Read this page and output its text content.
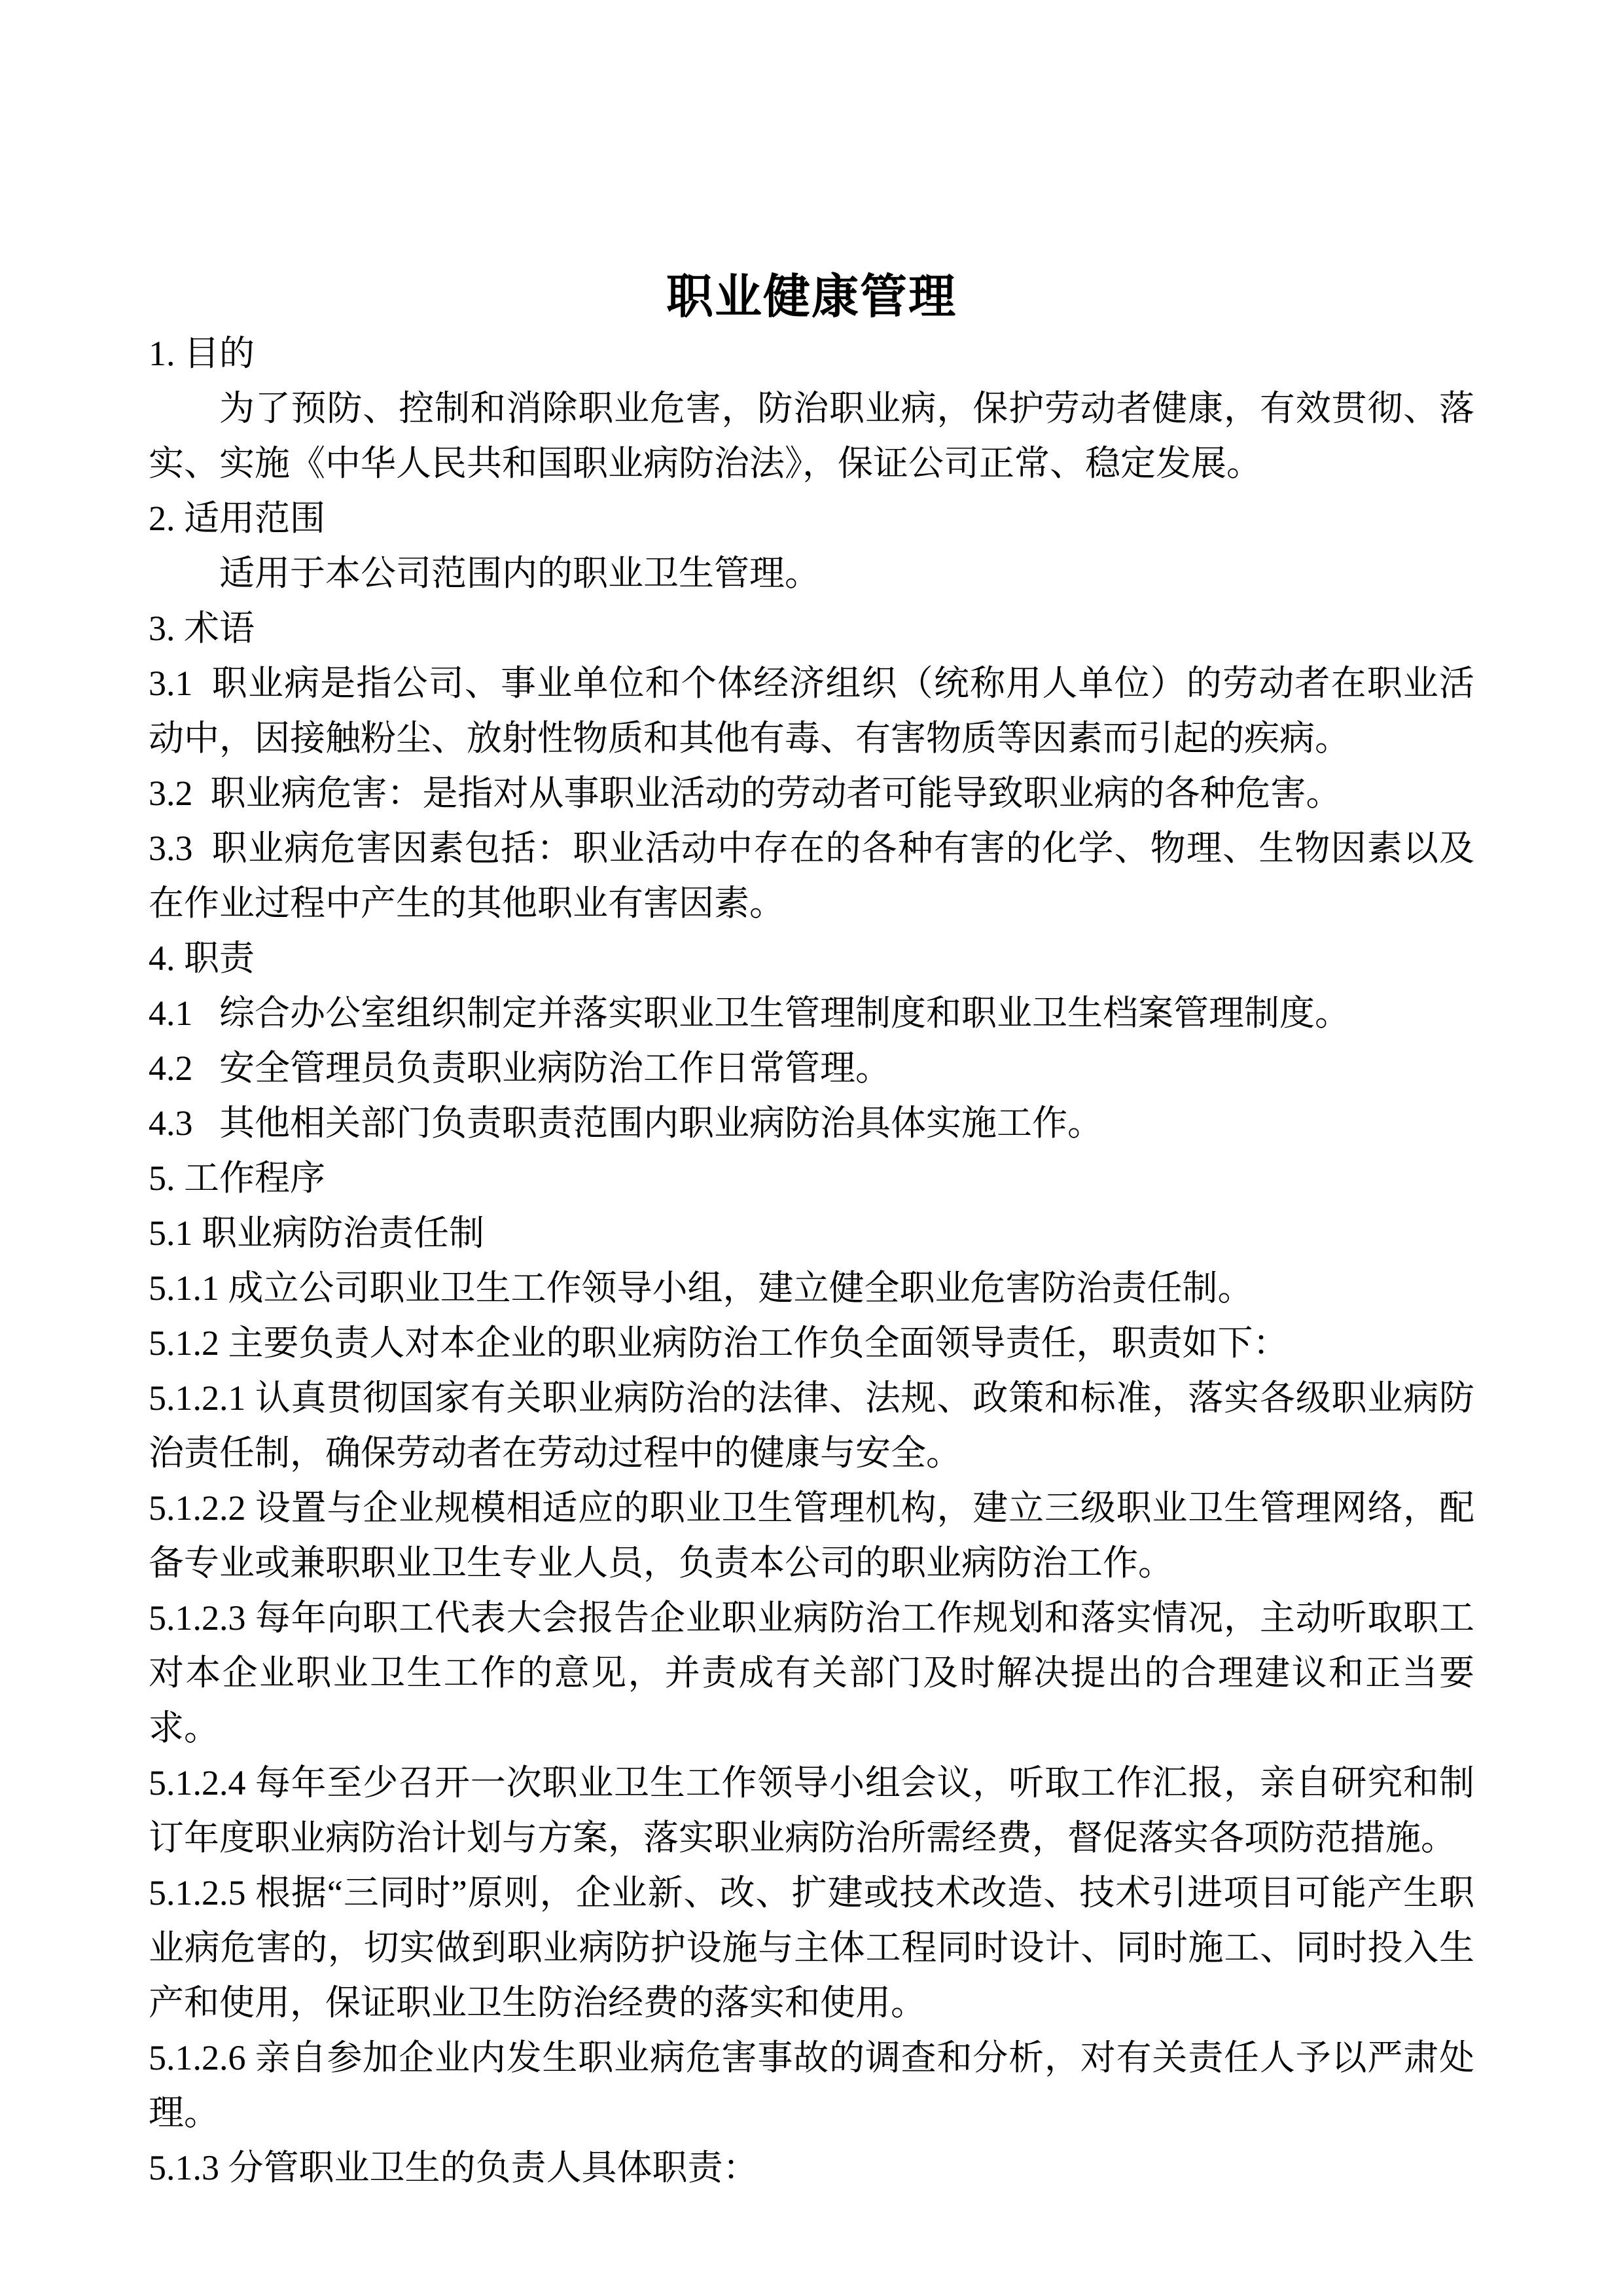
职业健康管理

1. 目的

为了预防、控制和消除职业危害，防治职业病，保护劳动者健康，有效贯彻、落实、实施《中华人民共和国职业病防治法》，保证公司正常、稳定发展。

2. 适用范围

适用于本公司范围内的职业卫生管理。

3. 术语

3.1  职业病是指公司、事业单位和个体经济组织（统称用人单位）的劳动者在职业活动中，因接触粉尘、放射性物质和其他有毒、有害物质等因素而引起的疾病。

3.2  职业病危害：是指对从事职业活动的劳动者可能导致职业病的各种危害。

3.3  职业病危害因素包括：职业活动中存在的各种有害的化学、物理、生物因素以及在作业过程中产生的其他职业有害因素。

4. 职责

4.1   综合办公室组织制定并落实职业卫生管理制度和职业卫生档案管理制度。

4.2   安全管理员负责职业病防治工作日常管理。

4.3   其他相关部门负责职责范围内职业病防治具体实施工作。

5. 工作程序

5.1 职业病防治责任制

5.1.1 成立公司职业卫生工作领导小组，建立健全职业危害防治责任制。

5.1.2 主要负责人对本企业的职业病防治工作负全面领导责任，职责如下：

5.1.2.1 认真贯彻国家有关职业病防治的法律、法规、政策和标准，落实各级职业病防治责任制，确保劳动者在劳动过程中的健康与安全。

5.1.2.2 设置与企业规模相适应的职业卫生管理机构，建立三级职业卫生管理网络，配备专业或兼职职业卫生专业人员，负责本公司的职业病防治工作。

5.1.2.3 每年向职工代表大会报告企业职业病防治工作规划和落实情况，主动听取职工对本企业职业卫生工作的意见，并责成有关部门及时解决提出的合理建议和正当要求。

5.1.2.4 每年至少召开一次职业卫生工作领导小组会议，听取工作汇报，亲自研究和制订年度职业病防治计划与方案，落实职业病防治所需经费，督促落实各项防范措施。

5.1.2.5 根据“三同时”原则，企业新、改、扩建或技术改造、技术引进项目可能产生职业病危害的，切实做到职业病防护设施与主体工程同时设计、同时施工、同时投入生产和使用，保证职业卫生防治经费的落实和使用。

5.1.2.6 亲自参加企业内发生职业病危害事故的调查和分析，对有关责任人予以严肃处理。

5.1.3 分管职业卫生的负责人具体职责：
